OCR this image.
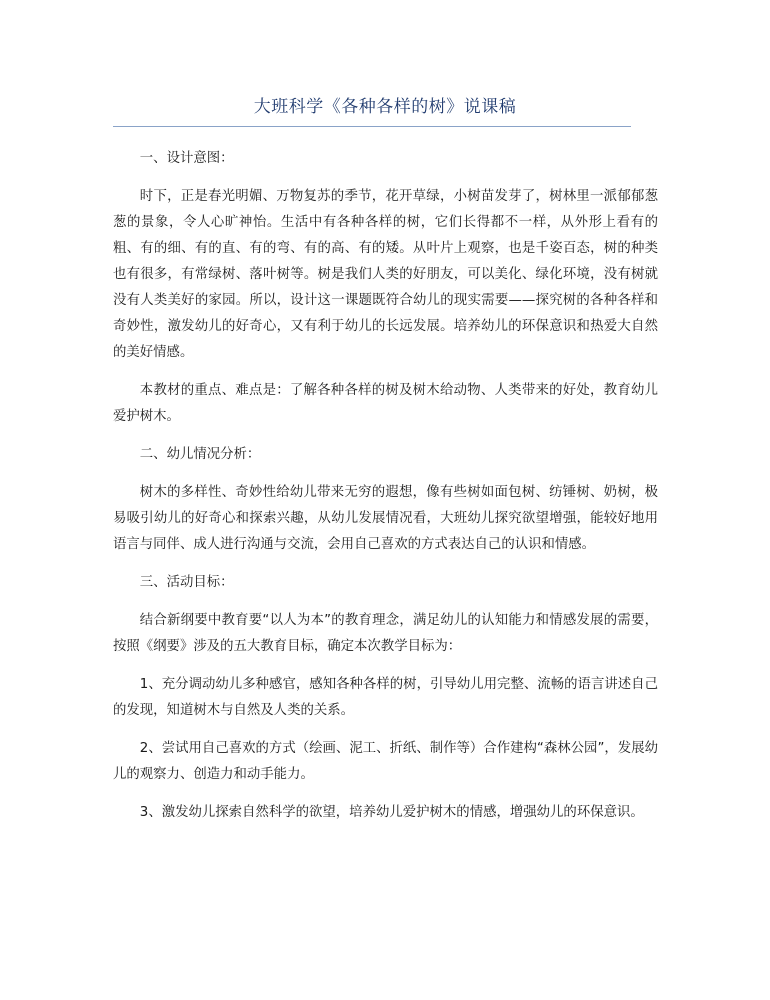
大班科学《各种各样的树》说课稿

一、设计意图：

时下，正是春光明媚、万物复苏的季节，花开草绿，小树苗发芽了，树林里一派郁郁葱葱的景象，令人心旷神怡。生活中有各种各样的树，它们长得都不一样，从外形上看有的粗、有的细、有的直、有的弯、有的高、有的矮。从叶片上观察，也是千姿百态，树的种类也有很多，有常绿树、落叶树等。树是我们人类的好朋友，可以美化、绿化环境，没有树就没有人类美好的家园。所以，设计这一课题既符合幼儿的现实需要——探究树的各种各样和奇妙性，激发幼儿的好奇心，又有利于幼儿的长远发展。培养幼儿的环保意识和热爱大自然的美好情感。

本教材的重点、难点是：了解各种各样的树及树木给动物、人类带来的好处，教育幼儿爱护树木。

二、幼儿情况分析：

树木的多样性、奇妙性给幼儿带来无穷的遐想，像有些树如面包树、纺锤树、奶树，极易吸引幼儿的好奇心和探索兴趣，从幼儿发展情况看，大班幼儿探究欲望增强，能较好地用语言与同伴、成人进行沟通与交流，会用自己喜欢的方式表达自己的认识和情感。

三、活动目标：

结合新纲要中教育要“以人为本”的教育理念，满足幼儿的认知能力和情感发展的需要，按照《纲要》涉及的五大教育目标，确定本次教学目标为：

1、充分调动幼儿多种感官，感知各种各样的树，引导幼儿用完整、流畅的语言讲述自己的发现，知道树木与自然及人类的关系。

2、尝试用自己喜欢的方式（绘画、泥工、折纸、制作等）合作建构“森林公园”，发展幼儿的观察力、创造力和动手能力。

3、激发幼儿探索自然科学的欲望，培养幼儿爱护树木的情感，增强幼儿的环保意识。
